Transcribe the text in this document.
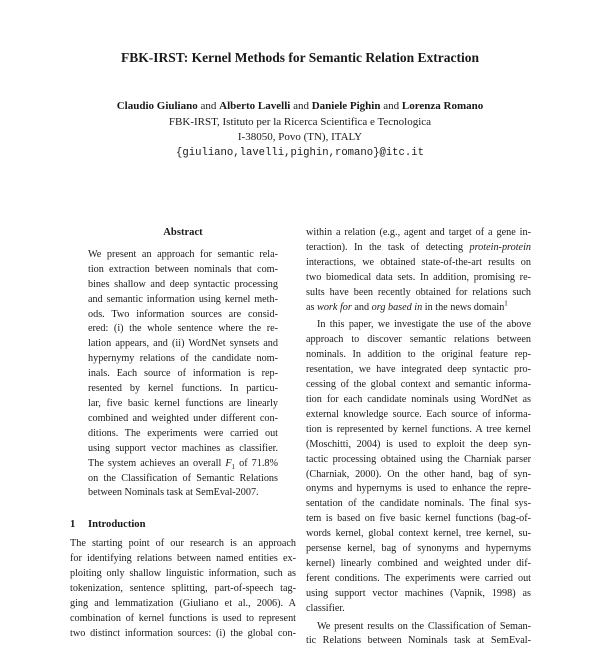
FBK-IRST: Kernel Methods for Semantic Relation Extraction
Claudio Giuliano and Alberto Lavelli and Daniele Pighin and Lorenza Romano
FBK-IRST, Istituto per la Ricerca Scientifica e Tecnologica
I-38050, Povo (TN), ITALY
{giuliano,lavelli,pighin,romano}@itc.it
Abstract
We present an approach for semantic rela-
tion extraction between nominals that com-
bines shallow and deep syntactic processing
and semantic information using kernel meth-
ods. Two information sources are consid-
ered: (i) the whole sentence where the re-
lation appears, and (ii) WordNet synsets and
hypernymy relations of the candidate nom-
inals. Each source of information is rep-
resented by kernel functions. In particu-
lar, five basic kernel functions are linearly
combined and weighted under different con-
ditions. The experiments were carried out
using support vector machines as classifier.
The system achieves an overall $F_1$ of 71.8%
on the Classification of Semantic Relations
between Nominals task at SemEval-2007.
1 Introduction
The starting point of our research is an approach
for identifying relations between named entities ex-
ploiting only shallow linguistic information, such as
tokenization, sentence splitting, part-of-speech tag-
ging and lemmatization (Giuliano et al., 2006). A
combination of kernel functions is used to represent
two distinct information sources: (i) the global con-
within a relation (e.g., agent and target of a gene in-
teraction). In the task of detecting protein-protein
interactions, we obtained state-of-the-art results on
two biomedical data sets. In addition, promising re-
sults have been recently obtained for relations such
as work for and org based in in the news domain$^1$
In this paper, we investigate the use of the above
approach to discover semantic relations between
nominals. In addition to the original feature rep-
resentation, we have integrated deep syntactic pro-
cessing of the global context and semantic informa-
tion for each candidate nominals using WordNet as
external knowledge source. Each source of informa-
tion is represented by kernel functions. A tree kernel
(Moschitti, 2004) is used to exploit the deep syn-
tactic processing obtained using the Charniak parser
(Charniak, 2000). On the other hand, bag of syn-
onyms and hypernyms is used to enhance the repre-
sentation of the candidate nominals. The final sys-
tem is based on five basic kernel functions (bag-of-
words kernel, global context kernel, tree kernel, su-
persense kernel, bag of synonyms and hypernyms
kernel) linearly combined and weighted under dif-
ferent conditions. The experiments were carried out
using support vector machines (Vapnik, 1998) as
classifier.
We present results on the Classification of Seman-
tic Relations between Nominals task at SemEval-
